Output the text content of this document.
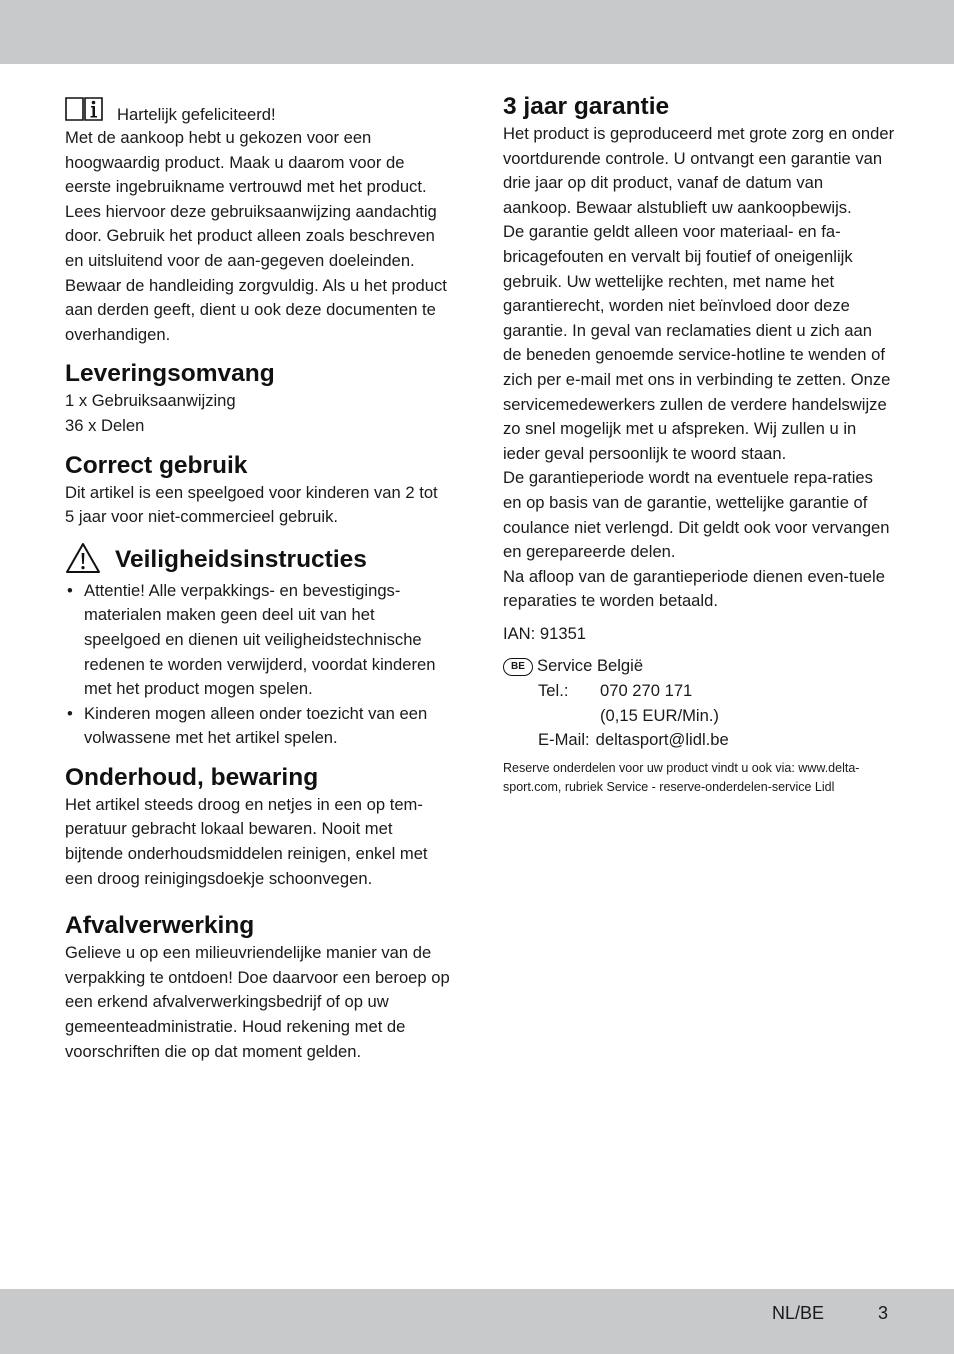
Hartelijk gefeliciteerd!

Met de aankoop hebt u gekozen voor een hoogwaardig product. Maak u daarom voor de eerste ingebruikname vertrouwd met het product. Lees hiervoor deze gebruiksaanwijzing aandachtig door. Gebruik het product alleen zoals beschreven en uitsluitend voor de aan-gegeven doeleinden. Bewaar de handleiding zorgvuldig. Als u het product aan derden geeft, dient u ook deze documenten te overhandigen.

Leveringsomvang

1 x Gebruiksaanwijzing

36 x Delen

Correct gebruik

Dit artikel is een speelgoed voor kinderen van 2 tot 5 jaar voor niet-commercieel gebruik.

Veiligheidsinstructies
• Attentie! Alle verpakkings- en bevestigings-materialen maken geen deel uit van het speelgoed en dienen uit veiligheidstechnische redenen te worden verwijderd, voordat kinderen met het product mogen spelen.
• Kinderen mogen alleen onder toezicht van een volwassene met het artikel spelen.
Onderhoud, bewaring

Het artikel steeds droog en netjes in een op tem-peratuur gebracht lokaal bewaren. Nooit met bijtende onderhoudsmiddelen reinigen, enkel met een droog reinigingsdoekje schoonvegen.

Afvalverwerking

Gelieve u op een milieuvriendelijke manier van de verpakking te ontdoen! Doe daarvoor een beroep op een erkend afvalverwerkingsbedrijf of op uw gemeenteadministratie. Houd rekening met de voorschriften die op dat moment gelden.

3 jaar garantie

Het product is geproduceerd met grote zorg en onder voortdurende controle. U ontvangt een garantie van drie jaar op dit product, vanaf de datum van aankoop. Bewaar alstublieft uw aankoopbewijs.

De garantie geldt alleen voor materiaal- en fa-bricagefouten en vervalt bij foutief of oneigenlijk gebruik. Uw wettelijke rechten, met name het garantierecht, worden niet beïnvloed door deze garantie. In geval van reclamaties dient u zich aan de beneden genoemde service-hotline te wenden of zich per e-mail met ons in verbinding te zetten. Onze servicemedewerkers zullen de verdere handelswijze zo snel mogelijk met u afspreken. Wij zullen u in ieder geval persoonlijk te woord staan.

De garantieperiode wordt na eventuele repa-raties en op basis van de garantie, wettelijke garantie of coulance niet verlengd. Dit geldt ook voor vervangen en gerepareerde delen.

Na afloop van de garantieperiode dienen even-tuele reparaties te worden betaald.

IAN: 91351

BE Service België

Tel.:	070 270 171

(0,15 EUR/Min.)

E-Mail: deltasport@lidl.be

Reserve onderdelen voor uw product vindt u ook via: www.delta-sport.com, rubriek Service - reserve-onderdelen-service Lidl

NL/BE	3
